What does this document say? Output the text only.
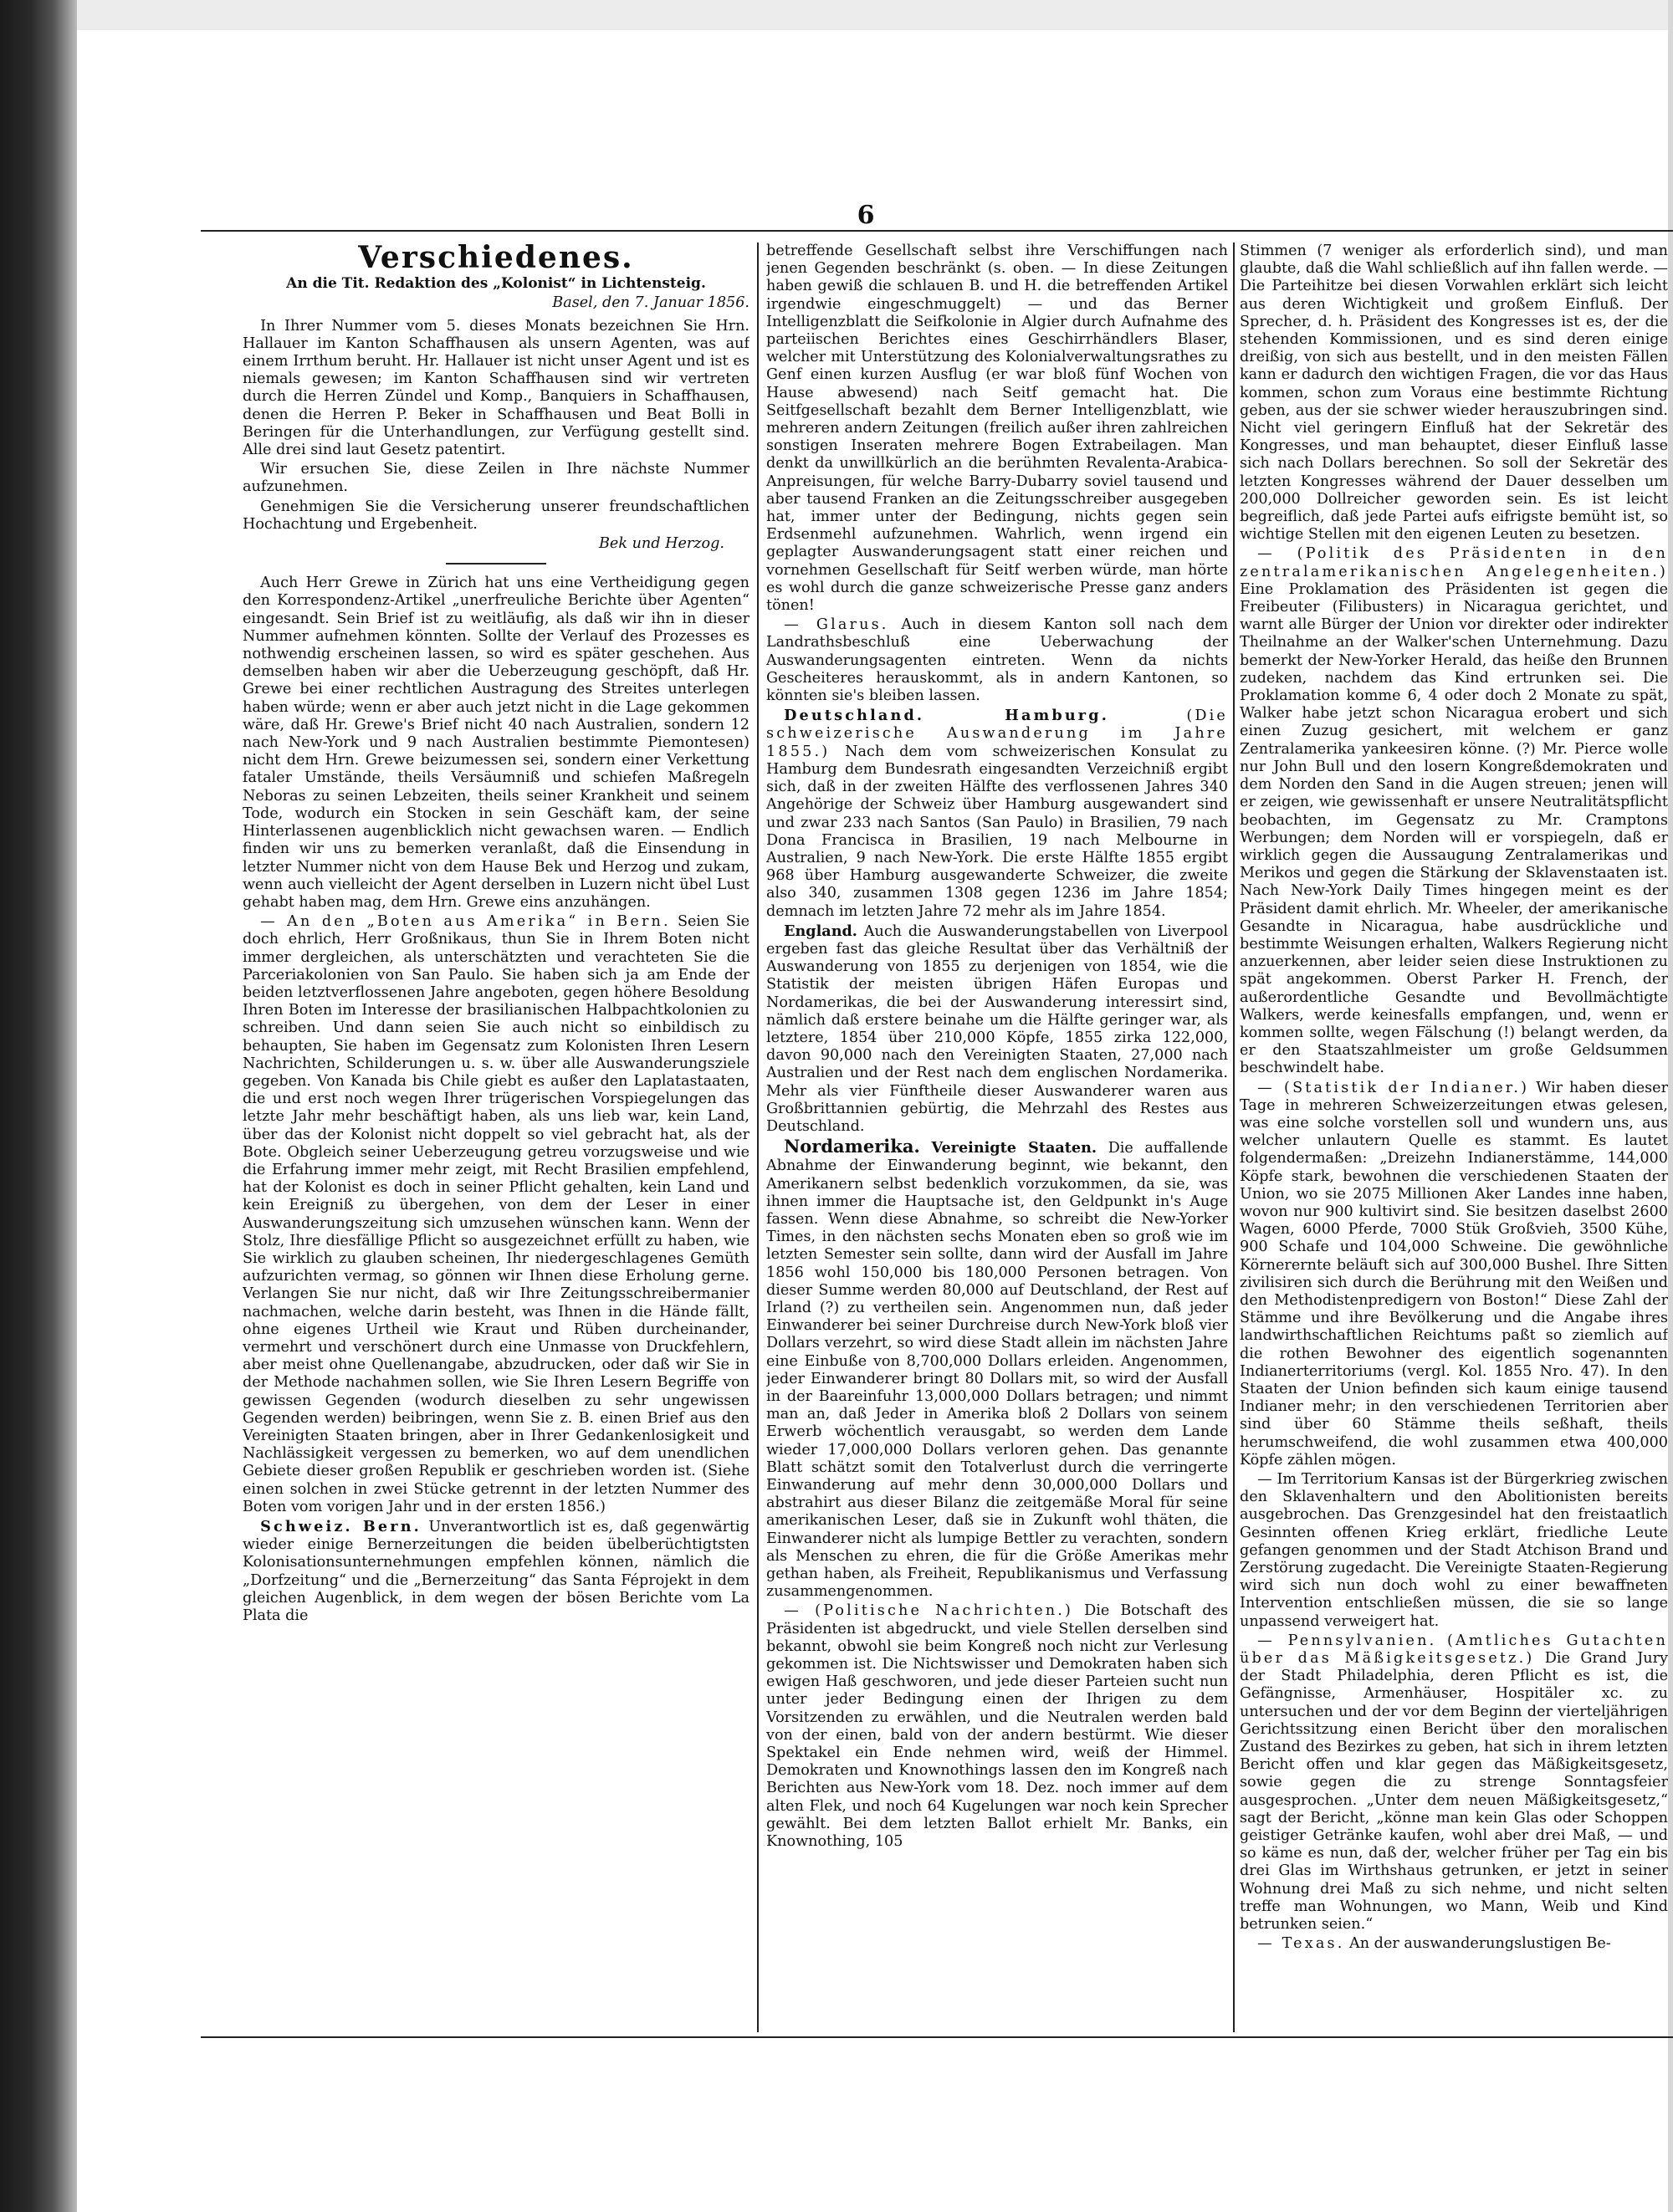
6
Verschiedenes.
An die Tit. Redaktion des „Kolonist“ in Lichtensteig.
Basel, den 7. Januar 1856.

In Ihrer Nummer vom 5. dieses Monats bezeichnen Sie Hrn. Hallauer im Kanton Schaffhausen als unsern Agenten, was auf einem Irrthum beruht. Hr. Hallauer ist nicht unser Agent und ist es niemals gewesen; im Kanton Schaffhausen sind wir vertreten durch die Herren Zündel und Komp., Banquiers in Schaffhausen, denen die Herren P. Beker in Schaffhausen und Beat Bolli in Beringen für die Unterhandlungen, zur Verfügung gestellt sind. Alle drei sind laut Gesetz patentirt.

Wir ersuchen Sie, diese Zeilen in Ihre nächste Nummer aufzunehmen.

Genehmigen Sie die Versicherung unserer freundschaftlichen Hochachtung und Ergebenheit.

Bek und Herzog.

Auch Herr Grewe in Zürich hat uns eine Vertheidigung gegen den Korrespondenz-Artikel „unerfreuliche Berichte über Agenten“ eingesandt. Sein Brief ist zu weitläufig, als daß wir ihn in dieser Nummer aufnehmen könnten. Sollte der Verlauf des Prozesses es nothwendig erscheinen lassen, so wird es später geschehen. Aus demselben haben wir aber die Ueberzeugung geschöpft, daß Hr. Grewe bei einer rechtlichen Austragung des Streites unterlegen haben würde; wenn er aber auch jetzt nicht in die Lage gekommen wäre, daß Hr. Grewe's Brief nicht 40 nach Australien, sondern 12 nach New-York und 9 nach Australien bestimmte Piemontesen) nicht dem Hrn. Grewe beizumessen sei, sondern einer Verkettung fataler Umstände, theils Versäumniß und schiefen Maßregeln Neboras zu seinen Lebzeiten, theils seiner Krankheit und seinem Tode, wodurch ein Stocken in sein Geschäft kam, der seine Hinterlassenen augenblicklich nicht gewachsen waren. — Endlich finden wir uns zu bemerken veranlaßt, daß die Einsendung in letzter Nummer nicht von dem Hause Bek und Herzog und zukam, wenn auch vielleicht der Agent derselben in Luzern nicht übel Lust gehabt haben mag, dem Hrn. Grewe eins anzuhängen.

— An den „Boten aus Amerika“ in Bern. Seien Sie doch ehrlich, Herr Großnikaus, thun Sie in Ihrem Boten nicht immer dergleichen, als unterschätzten und verachteten Sie die Parceriakolonien von San Paulo. Sie haben sich ja am Ende der beiden letztverflossenen Jahre angeboten, gegen höhere Besoldung Ihren Boten im Interesse der brasilianischen Halbpachtkolonien zu schreiben. Und dann seien Sie auch nicht so einbildisch zu behaupten, Sie haben im Gegensatz zum Kolonisten Ihren Lesern Nachrichten, Schilderungen u. s. w. über alle Auswanderungsziele gegeben. Von Kanada bis Chile giebt es außer den Laplatastaaten, die und erst noch wegen Ihrer trügerischen Vorspiegelungen das letzte Jahr mehr beschäftigt haben, als uns lieb war, kein Land, über das der Kolonist nicht doppelt so viel gebracht hat, als der Bote. Obgleich seiner Ueberzeugung getreu vorzugsweise und wie die Erfahrung immer mehr zeigt, mit Recht Brasilien empfehlend, hat der Kolonist es doch in seiner Pflicht gehalten, kein Land und kein Ereigniß zu übergehen, von dem der Leser in einer Auswanderungszeitung sich umzusehen wünschen kann. Wenn der Stolz, Ihre diesfällige Pflicht so ausgezeichnet erfüllt zu haben, wie Sie wirklich zu glauben scheinen, Ihr niedergeschlagenes Gemüth aufzurichten vermag, so gönnen wir Ihnen diese Erholung gerne. Verlangen Sie nur nicht, daß wir Ihre Zeitungsschreibermanier nachmachen, welche darin besteht, was Ihnen in die Hände fällt, ohne eigenes Urtheil wie Kraut und Rüben durcheinander, vermehrt und verschönert durch eine Unmasse von Druckfehlern, aber meist ohne Quellenangabe, abzudrucken, oder daß wir Sie in der Methode nachahmen sollen, wie Sie Ihren Lesern Begriffe von gewissen Gegenden (wodurch dieselben zu sehr ungewissen Gegenden werden) beibringen, wenn Sie z. B. einen Brief aus den Vereinigten Staaten bringen, aber in Ihrer Gedankenlosigkeit und Nachlässigkeit vergessen zu bemerken, wo auf dem unendlichen Gebiete dieser großen Republik er geschrieben worden ist. (Siehe einen solchen in zwei Stücke getrennt in der letzten Nummer des Boten vom vorigen Jahr und in der ersten 1856.)

Schweiz. Bern. Unverantwortlich ist es, daß gegenwärtig wieder einige Bernerzeitungen die beiden übelberüchtigtsten Kolonisationsunternehmungen empfehlen können, nämlich die „Dorfzeitung“ und die „Bernerzeitung“ das Santa Féprojekt in dem gleichen Augenblick, in dem wegen der bösen Berichte vom La Plata die

betreffende Gesellschaft selbst ihre Verschiffungen nach jenen Gegenden beschränkt (s. oben. — In diese Zeitungen haben gewiß die schlauen B. und H. die betreffenden Artikel irgendwie eingeschmuggelt) — und das Berner Intelligenzblatt die Seifkolonie in Algier durch Aufnahme des parteiischen Berichtes eines Geschirrhändlers Blaser, welcher mit Unterstützung des Kolonialverwaltungsrathes zu Genf einen kurzen Ausflug (er war bloß fünf Wochen von Hause abwesend) nach Seitf gemacht hat. Die Seitfgesellschaft bezahlt dem Berner Intelligenzblatt, wie mehreren andern Zeitungen (freilich außer ihren zahlreichen sonstigen Inseraten mehrere Bogen Extrabeilagen. Man denkt da unwillkürlich an die berühmten Revalenta-Arabica-Anpreisungen, für welche Barry-Dubarry soviel tausend und aber tausend Franken an die Zeitungsschreiber ausgegeben hat, immer unter der Bedingung, nichts gegen sein Erdsenmehl aufzunehmen. Wahrlich, wenn irgend ein geplagter Auswanderungsagent statt einer reichen und vornehmen Gesellschaft für Seitf werben würde, man hörte es wohl durch die ganze schweizerische Presse ganz anders tönen!

— Glarus. Auch in diesem Kanton soll nach dem Landrathsbeschluß eine Ueberwachung der Auswanderungsagenten eintreten. Wenn da nichts Gescheiteres herauskommt, als in andern Kantonen, so könnten sie's bleiben lassen.

Deutschland. Hamburg.	(Die schweizerische Auswanderung im Jahre 1855.) Nach dem vom schweizerischen Konsulat zu Hamburg dem Bundesrath eingesandten Verzeichniß ergibt sich, daß in der zweiten Hälfte des verflossenen Jahres 340 Angehörige der Schweiz über Hamburg ausgewandert sind und zwar 233 nach Santos (San Paulo) in Brasilien, 79 nach Dona Francisca in Brasilien, 19 nach Melbourne in Australien, 9 nach New-York. Die erste Hälfte 1855 ergibt 968 über Hamburg ausgewanderte Schweizer, die zweite also 340, zusammen 1308 gegen 1236 im Jahre 1854; demnach im letzten Jahre 72 mehr als im Jahre 1854.

England. Auch die Auswanderungstabellen von Liverpool ergeben fast das gleiche Resultat über das Verhältniß der Auswanderung von 1855 zu derjenigen von 1854, wie die Statistik der meisten übrigen Häfen Europas und Nordamerikas, die bei der Auswanderung interessirt sind, nämlich daß erstere beinahe um die Hälfte geringer war, als letztere, 1854 über 210,000 Köpfe, 1855 zirka 122,000, davon 90,000 nach den Vereinigten Staaten, 27,000 nach Australien und der Rest nach dem englischen Nordamerika. Mehr als vier Fünftheile dieser Auswanderer waren aus Großbrittannien gebürtig, die Mehrzahl des Restes aus Deutschland.

Nordamerika. Vereinigte Staaten. Die auffallende Abnahme der Einwanderung beginnt, wie bekannt, den Amerikanern selbst bedenklich vorzukommen, da sie, was ihnen immer die Hauptsache ist, den Geldpunkt in's Auge fassen. Wenn diese Abnahme, so schreibt die New-Yorker Times, in den nächsten sechs Monaten eben so groß wie im letzten Semester sein sollte, dann wird der Ausfall im Jahre 1856 wohl 150,000 bis 180,000 Personen betragen. Von dieser Summe werden 80,000 auf Deutschland, der Rest auf Irland (?) zu vertheilen sein. Angenommen nun, daß jeder Einwanderer bei seiner Durchreise durch New-York bloß vier Dollars verzehrt, so wird diese Stadt allein im nächsten Jahre eine Einbuße von 8,700,000 Dollars erleiden. Angenommen, jeder Einwanderer bringt 80 Dollars mit, so wird der Ausfall in der Baareinfuhr 13,000,000 Dollars betragen; und nimmt man an, daß Jeder in Amerika bloß 2 Dollars von seinem Erwerb wöchentlich verausgabt, so werden dem Lande wieder 17,000,000 Dollars verloren gehen. Das genannte Blatt schätzt somit den Totalverlust durch die verringerte Einwanderung auf mehr denn 30,000,000 Dollars und abstrahirt aus dieser Bilanz die zeitgemäße Moral für seine amerikanischen Leser, daß sie in Zukunft wohl thäten, die Einwanderer nicht als lumpige Bettler zu verachten, sondern als Menschen zu ehren, die für die Größe Amerikas mehr gethan haben, als Freiheit, Republikanismus und Verfassung zusammengenommen.

— (Politische Nachrichten.) Die Botschaft des Präsidenten ist abgedruckt, und viele Stellen derselben sind bekannt, obwohl sie beim Kongreß noch nicht zur Verlesung gekommen ist. Die Nichtswisser und Demokraten haben sich ewigen Haß geschworen, und jede dieser Parteien sucht nun unter jeder Bedingung einen der Ihrigen zu dem Vorsitzenden zu erwählen, und die Neutralen werden bald von der einen, bald von der andern bestürmt. Wie dieser Spektakel ein Ende nehmen wird, weiß der Himmel. Demokraten und Knownothings lassen den im Kongreß nach Berichten aus New-York vom 18. Dez. noch immer auf dem alten Flek, und noch 64 Kugelungen war noch kein Sprecher gewählt. Bei dem letzten Ballot erhielt Mr. Banks, ein Knownothing, 105

Stimmen (7 weniger als erforderlich sind), und man glaubte, daß die Wahl schließlich auf ihn fallen werde. — Die Parteihitze bei diesen Vorwahlen erklärt sich leicht aus deren Wichtigkeit und großem Einfluß. Der Sprecher, d. h. Präsident des Kongresses ist es, der die stehenden Kommissionen, und es sind deren einige dreißig, von sich aus bestellt, und in den meisten Fällen kann er dadurch den wichtigen Fragen, die vor das Haus kommen, schon zum Voraus eine bestimmte Richtung geben, aus der sie schwer wieder herauszubringen sind. Nicht viel geringern Einfluß hat der Sekretär des Kongresses, und man behauptet, dieser Einfluß lasse sich nach Dollars berechnen. So soll der Sekretär des letzten Kongresses während der Dauer desselben um 200,000 Dollreicher geworden sein. Es ist leicht begreiflich, daß jede Partei aufs eifrigste bemüht ist, so wichtige Stellen mit den eigenen Leuten zu besetzen.

— (Politik des Präsidenten in den zentralamerikanischen Angelegenheiten.) Eine Proklamation des Präsidenten ist gegen die Freibeuter (Filibusters) in Nicaragua gerichtet, und warnt alle Bürger der Union vor direkter oder indirekter Theilnahme an der Walker'schen Unternehmung. Dazu bemerkt der New-Yorker Herald, das heiße den Brunnen zudeken, nachdem das Kind ertrunken sei. Die Proklamation komme 6, 4 oder doch 2 Monate zu spät, Walker habe jetzt schon Nicaragua erobert und sich einen Zuzug gesichert, mit welchem er ganz Zentralamerika yankeesiren könne. (?) Mr. Pierce wolle nur John Bull und den losern Kongreßdemokraten und dem Norden den Sand in die Augen streuen; jenen will er zeigen, wie gewissenhaft er unsere Neutralitätspflicht beobachten, im Gegensatz zu Mr. Cramptons Werbungen; dem Norden will er vorspiegeln, daß er wirklich gegen die Aussaugung Zentralamerikas und Merikos und gegen die Stärkung der Sklavenstaaten ist. Nach New-York Daily Times hingegen meint es der Präsident damit ehrlich. Mr. Wheeler, der amerikanische Gesandte in Nicaragua, habe ausdrückliche und bestimmte Weisungen erhalten, Walkers Regierung nicht anzuerkennen, aber leider seien diese Instruktionen zu spät angekommen. Oberst Parker H. French, der außerordentliche Gesandte und Bevollmächtigte Walkers, werde keinesfalls empfangen, und, wenn er kommen sollte, wegen Fälschung (!) belangt werden, da er den Staatszahlmeister um große Geldsummen beschwindelt habe.

— (Statistik der Indianer.) Wir haben dieser Tage in mehreren Schweizerzeitungen etwas gelesen, was eine solche vorstellen soll und wundern uns, aus welcher unlautern Quelle es stammt. Es lautet folgendermaßen: „Dreizehn Indianerstämme, 144,000 Köpfe stark, bewohnen die verschiedenen Staaten der Union, wo sie 2075 Millionen Aker Landes inne haben, wovon nur 900 kultivirt sind. Sie besitzen daselbst 2600 Wagen, 6000 Pferde, 7000 Stük Großvieh, 3500 Kühe, 900 Schafe und 104,000 Schweine. Die gewöhnliche Körnerernte beläuft sich auf 300,000 Bushel. Ihre Sitten zivilisiren sich durch die Berührung mit den Weißen und den Methodistenpredigern von Boston!“ Diese Zahl der Stämme und ihre Bevölkerung und die Angabe ihres landwirthschaftlichen Reichtums paßt so ziemlich auf die rothen Bewohner des eigentlich sogenannten Indianerterritoriums (vergl. Kol. 1855 Nro. 47). In den Staaten der Union befinden sich kaum einige tausend Indianer mehr; in den verschiedenen Territorien aber sind über 60 Stämme theils seßhaft, theils herumschweifend, die wohl zusammen etwa 400,000 Köpfe zählen mögen.

— Im Territorium Kansas ist der Bürgerkrieg zwischen den Sklavenhaltern und den Abolitionisten bereits ausgebrochen. Das Grenzgesindel hat den freistaatlich Gesinnten offenen Krieg erklärt, friedliche Leute gefangen genommen und der Stadt Atchison Brand und Zerstörung zugedacht. Die Vereinigte Staaten-Regierung wird sich nun doch wohl zu einer bewaffneten Intervention entschließen müssen, die sie so lange unpassend verweigert hat.

— Pennsylvanien. (Amtliches Gutachten über das Mäßigkeitsgesetz.) Die Grand Jury der Stadt Philadelphia, deren Pflicht es ist, die Gefängnisse, Armenhäuser, Hospitäler xc. zu untersuchen und der vor dem Beginn der vierteljährigen Gerichtssitzung einen Bericht über den moralischen Zustand des Bezirkes zu geben, hat sich in ihrem letzten Bericht offen und klar gegen das Mäßigkeitsgesetz, sowie gegen die zu strenge Sonntagsfeier ausgesprochen. „Unter dem neuen Mäßigkeitsgesetz,“ sagt der Bericht, „könne man kein Glas oder Schoppen geistiger Getränke kaufen, wohl aber drei Maß, — und so käme es nun, daß der, welcher früher per Tag ein bis drei Glas im Wirthshaus getrunken, er jetzt in seiner Wohnung drei Maß zu sich nehme, und nicht selten treffe man Wohnungen, wo Mann, Weib und Kind betrunken seien.“

— Texas. An der auswanderungslustigen Be-
